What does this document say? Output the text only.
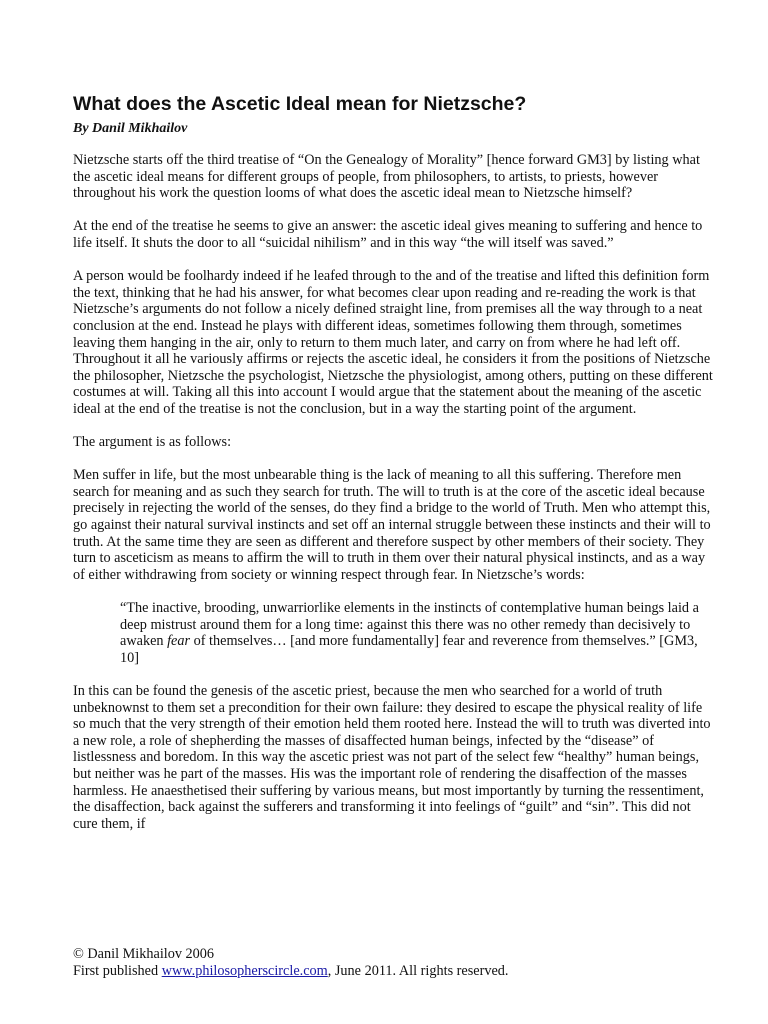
What does the Ascetic Ideal mean for Nietzsche?
By Danil Mikhailov

Nietzsche starts off the third treatise of “On the Genealogy of Morality” [hence forward GM3] by listing what the ascetic ideal means for different groups of people, from philosophers, to artists, to priests, however throughout his work the question looms of what does the ascetic ideal mean to Nietzsche himself?

At the end of the treatise he seems to give an answer: the ascetic ideal gives meaning to suffering and hence to life itself. It shuts the door to all “suicidal nihilism” and in this way “the will itself was saved.”

A person would be foolhardy indeed if he leafed through to the and of the treatise and lifted this definition form the text, thinking that he had his answer, for what becomes clear upon reading and re-reading the work is that Nietzsche’s arguments do not follow a nicely defined straight line, from premises all the way through to a neat conclusion at the end. Instead he plays with different ideas, sometimes following them through, sometimes leaving them hanging in the air, only to return to them much later, and carry on from where he had left off. Throughout it all he variously affirms or rejects the ascetic ideal, he considers it from the positions of Nietzsche the philosopher, Nietzsche the psychologist, Nietzsche the physiologist, among others, putting on these different costumes at will. Taking all this into account I would argue that the statement about the meaning of the ascetic ideal at the end of the treatise is not the conclusion, but in a way the starting point of the argument.

The argument is as follows:

Men suffer in life, but the most unbearable thing is the lack of meaning to all this suffering. Therefore men search for meaning and as such they search for truth. The will to truth is at the core of the ascetic ideal because precisely in rejecting the world of the senses, do they find a bridge to the world of Truth. Men who attempt this, go against their natural survival instincts and set off an internal struggle between these instincts and their will to truth. At the same time they are seen as different and therefore suspect by other members of their society. They turn to asceticism as means to affirm the will to truth in them over their natural physical instincts, and as a way of either withdrawing from society or winning respect through fear. In Nietzsche’s words:

“The inactive, brooding, unwarriorlike elements in the instincts of contemplative human beings laid a deep mistrust around them for a long time: against this there was no other remedy than decisively to awaken fear of themselves… [and more fundamentally] fear and reverence from themselves.” [GM3, 10]

In this can be found the genesis of the ascetic priest, because the men who searched for a world of truth unbeknownst to them set a precondition for their own failure: they desired to escape the physical reality of life so much that the very strength of their emotion held them rooted here. Instead the will to truth was diverted into a new role, a role of shepherding the masses of disaffected human beings, infected by the “disease” of listlessness and boredom. In this way the ascetic priest was not part of the select few “healthy” human beings, but neither was he part of the masses. His was the important role of rendering the disaffection of the masses harmless. He anaesthetised their suffering by various means, but most importantly by turning the ressentiment, the disaffection, back against the sufferers and transforming it into feelings of “guilt” and “sin”. This did not cure them, if

© Danil Mikhailov 2006
First published www.philosopherscircle.com, June 2011. All rights reserved.
